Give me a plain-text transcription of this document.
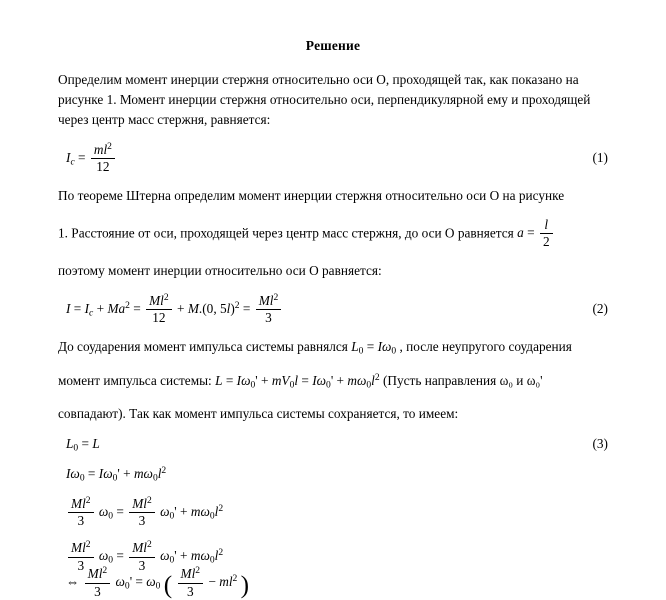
Решение

Определим момент инерции стержня относительно оси О, проходящей так, как показано на рисунке 1. Момент инерции стержня относительно оси, перпендикулярной ему и проходящей через центр масс стержня, равняется:

$I_c = \frac{ml^2}{12}$	(1)

По теореме Штерна определим момент инерции стержня относительно оси О на рисунке

1. Расстояние от оси, проходящей через центр масс стержня, до оси О равняется $a = \frac{l}{2}$

поэтому момент инерции относительно оси О равняется:

$I = I_c + Ma^2 = \frac{Ml^2}{12} + M.(0$, $5l)^2 = \frac{Ml^2}{3}$	(2)

До соударения момент импульса системы равнялся $L_0 = I\omega_0$ , после неупругого соударения

момент импульса системы: $L = I\omega_0' + mV_0l = I\omega_0' + m\omega_0l^2$ (Пусть направления ω₀ и ω₀'

совпадают). Так как момент импульса системы сохраняется, то имеем:

$L_0 = L$	(3)
$I\omega_0 = I\omega_0' + m\omega_0l^2$

$\frac{Ml^2}{3} \omega_0 = \frac{Ml^2}{3} \omega_0' + m\omega_0l^2$

$\frac{Ml^2}{3} \omega_0 = \frac{Ml^2}{3} \omega_0' + m\omega_0l^2$
⇔ $\frac{Ml^2}{3} \omega_0' = \omega_0$ ( $\frac{Ml^2}{3} - ml^2$ )
